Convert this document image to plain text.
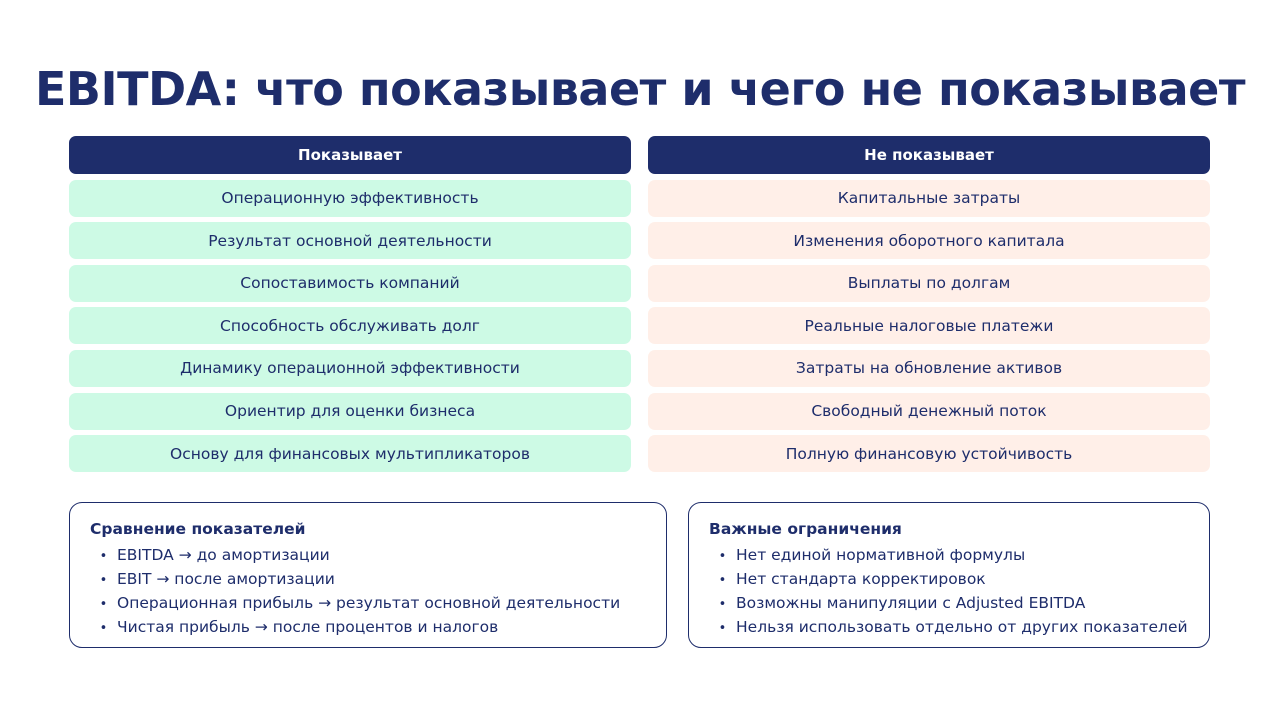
EBITDA: что показывает и чего не показывает
Показывает
Операционную эффективность
Результат основной деятельности
Сопоставимость компаний
Способность обслуживать долг
Динамику операционной эффективности
Ориентир для оценки бизнеса
Основу для финансовых мультипликаторов
Не показывает
Капитальные затраты
Изменения оборотного капитала
Выплаты по долгам
Реальные налоговые платежи
Затраты на обновление активов
Свободный денежный поток
Полную финансовую устойчивость
Сравнение показателей
• EBITDA → до амортизации
• EBIT → после амортизации
• Операционная прибыль → результат основной деятельности
• Чистая прибыль → после процентов и налогов
Важные ограничения
• Нет единой нормативной формулы
• Нет стандарта корректировок
• Возможны манипуляции с Adjusted EBITDA
• Нельзя использовать отдельно от других показателей
